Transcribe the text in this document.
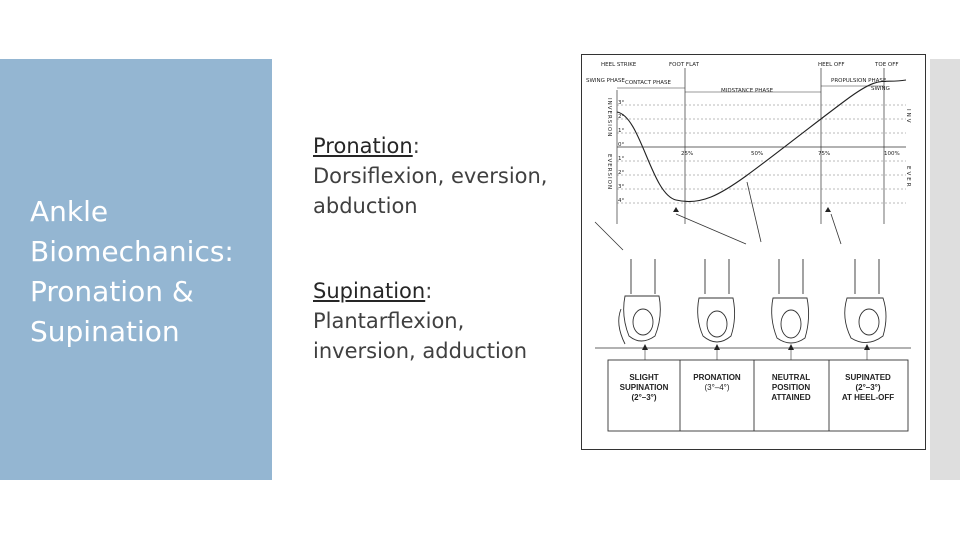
Ankle
Biomechanics:
Pronation &
Supination
Pronation:
Dorsiflexion, eversion,
abduction
Supination:
Plantarflexion,
inversion, adduction
HEEL STRIKE	FOOT FLAT	HEEL OFF	TOE OFF
SWING PHASE CONTACT PHASE
MIDSTANCE PHASE
PROPULSION PHASE
SWING
INVERSION
EVERSION
INV
EVER
3°
2°
1°
0°
1°
2°
3°
4°
25%	50%	75%	100%
SLIGHT
SUPINATION
(2°–3°)
PRONATION
(3°–4°)
NEUTRAL
POSITION
ATTAINED
SUPINATED
(2°–3°)
AT HEEL-OFF
